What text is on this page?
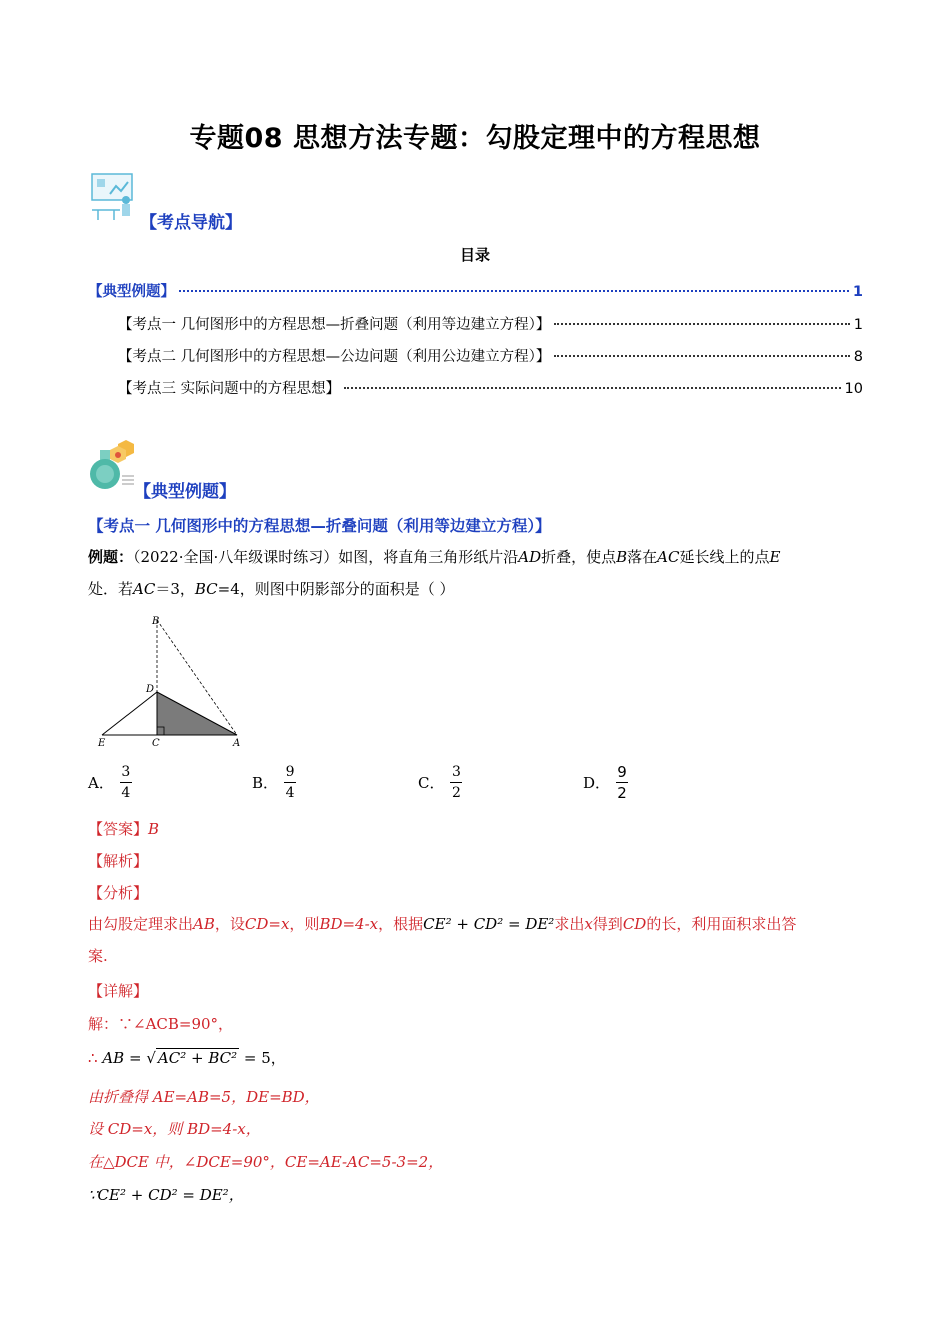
专题08 思想方法专题：勾股定理中的方程思想
【考点导航】
目录
【典型例题】	1
【考点一 几何图形中的方程思想—折叠问题（利用等边建立方程）】	1
【考点二 几何图形中的方程思想—公边问题（利用公边建立方程）】	8
【考点三 实际问题中的方程思想】	10
【典型例题】
【考点一 几何图形中的方程思想—折叠问题（利用等边建立方程）】
例题：（2022·全国·八年级课时练习）如图，将直角三角形纸片沿AD折叠，使点B落在AC延长线上的点E
处．若AC＝3，BC=4，则图中阴影部分的面积是（ ）
B
D
E	C	A
A． $\frac{3}{4}$	B． $\frac{9}{4}$	C． $\frac{3}{2}$	D． $\frac{9}{2}$
【答案】B
【解析】
【分析】
由勾股定理求出AB，设CD=x，则BD=4-x，根据CE² + CD² = DE²求出x得到CD的长，利用面积求出答
案.
【详解】
解：∵∠ACB=90°，
∴ AB = √ AC² + BC² = 5，
由折叠得 AE=AB=5，DE=BD，
设 CD=x，则 BD=4-x，
在△DCE 中，∠DCE=90°，CE=AE-AC=5-3=2，
∵CE² + CD² = DE²，
